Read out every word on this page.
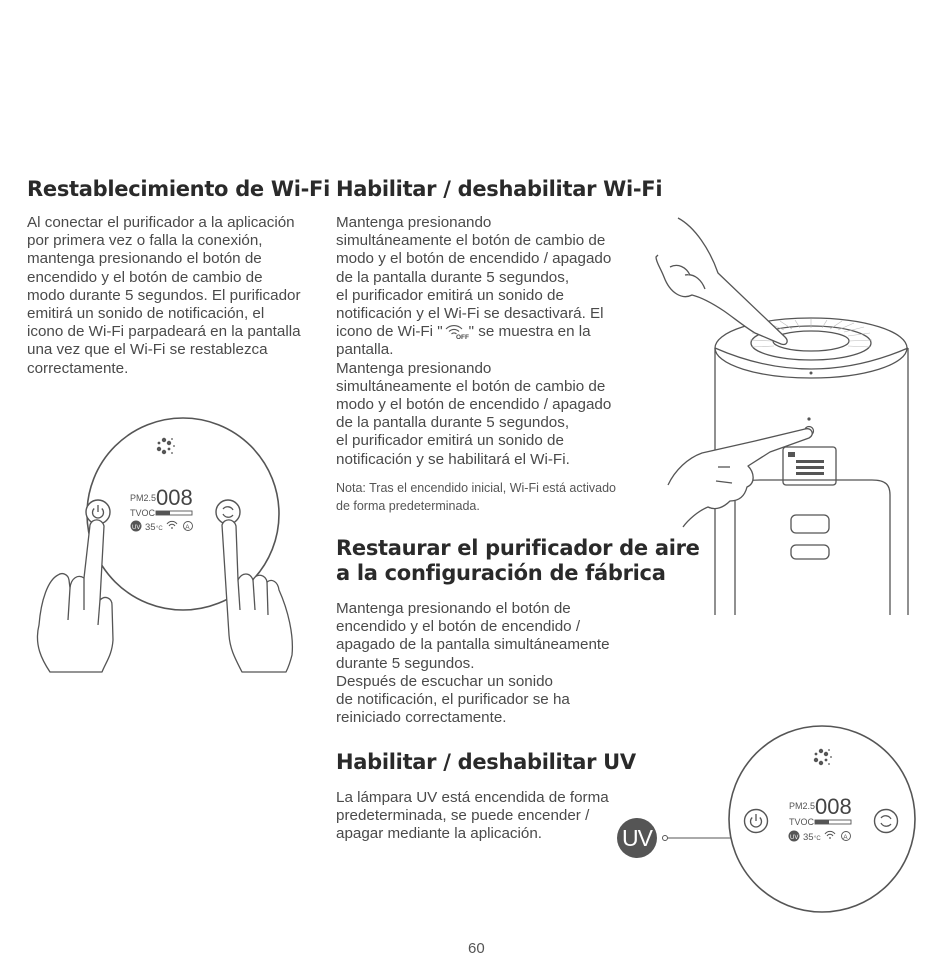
Restablecimiento de Wi-Fi

Al conectar el purificador a la aplicación

por primera vez o falla la conexión,

mantenga presionando el botón de

encendido y el botón de cambio de

modo durante 5 segundos. El purificador

emitirá un sonido de notificación, el

icono de Wi-Fi parpadeará en la pantalla

una vez que el Wi-Fi se restablezca

correctamente.

PM2.5 008
TVOC
UV 35 °C	A
Habilitar / deshabilitar Wi-Fi

Mantenga presionando

simultáneamente el botón de cambio de

modo y el botón de encendido / apagado

de la pantalla durante 5 segundos,

el purificador emitirá un sonido de

notificación y el Wi-Fi se desactivará. El

icono de Wi-Fi " OFF " se muestra en la

pantalla.

Mantenga presionando

simultáneamente el botón de cambio de

modo y el botón de encendido / apagado

de la pantalla durante 5 segundos,

el purificador emitirá un sonido de

notificación y se habilitará el Wi-Fi.

Nota: Tras el encendido inicial, Wi-Fi está activado
de forma predeterminada.
Restaurar el purificador de aire
a la configuración de fábrica

Mantenga presionando el botón de

encendido y el botón de encendido /

apagado de la pantalla simultáneamente

durante 5 segundos.

Después de escuchar un sonido

de notificación, el purificador se ha

reiniciado correctamente.

Habilitar / deshabilitar UV

La lámpara UV está encendida de forma

predeterminada, se puede encender /

apagar mediante la aplicación.	UV
PM2.5 008
TVOC
UV 35 °C	A
60
